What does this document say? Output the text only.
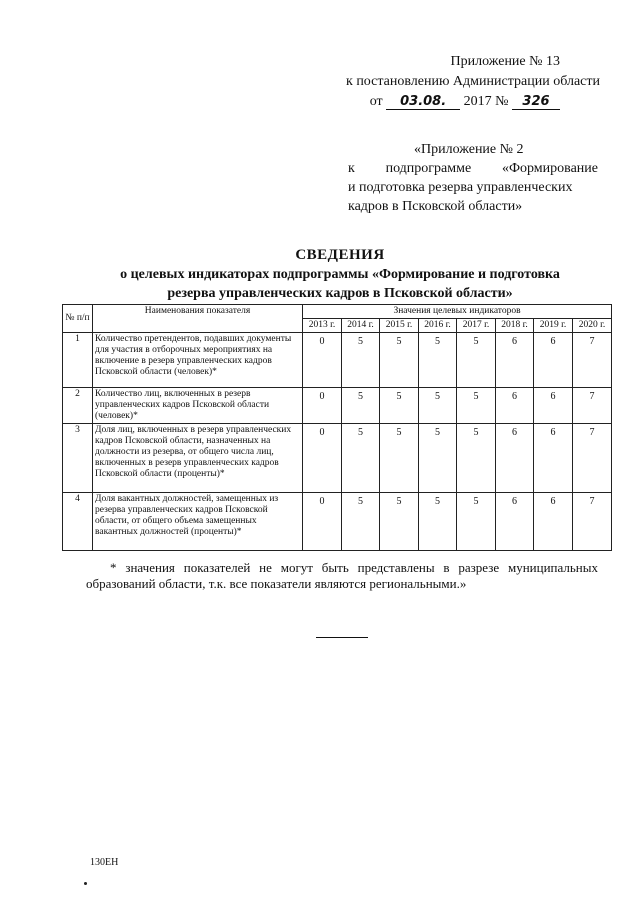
Приложение № 13
к постановлению Администрации области
от 03.08. 2017 № 326
«Приложение № 2
к подпрограмме «Формирование
и подготовка резерва управленческих
кадров в Псковской области»
СВЕДЕНИЯ
о целевых индикаторах подпрограммы «Формирование и подготовка
резерва управленческих кадров в Псковской области»
№ п/п	Наименования показателя	Значения целевых индикаторов							
		2013 г.	2014 г.	2015 г.	2016 г.	2017 г.	2018 г.	2019 г.	2020 г.
1	Количество претендентов, подавших документы для участия в отборочных мероприятиях на включение в резерв управленческих кадров Псковской области (человек)*	0	5	5	5	5	6	6	7
2	Количество лиц, включенных в резерв управленческих кадров Псковской области (человек)*	0	5	5	5	5	6	6	7
3	Доля лиц, включенных в резерв управленческих кадров Псковской области, назначенных на должности из резерва, от общего числа лиц, включенных в резерв управленческих кадров Псковской области (проценты)*	0	5	5	5	5	6	6	7
4	Доля вакантных должностей, замещенных из резерва управленческих кадров Псковской области, от общего объема замещенных вакантных должностей (проценты)*	0	5	5	5	5	6	6	7
* значения показателей не могут быть представлены в разрезе муниципальных образований области, т.к. все показатели являются региональными.»
130ЕН
